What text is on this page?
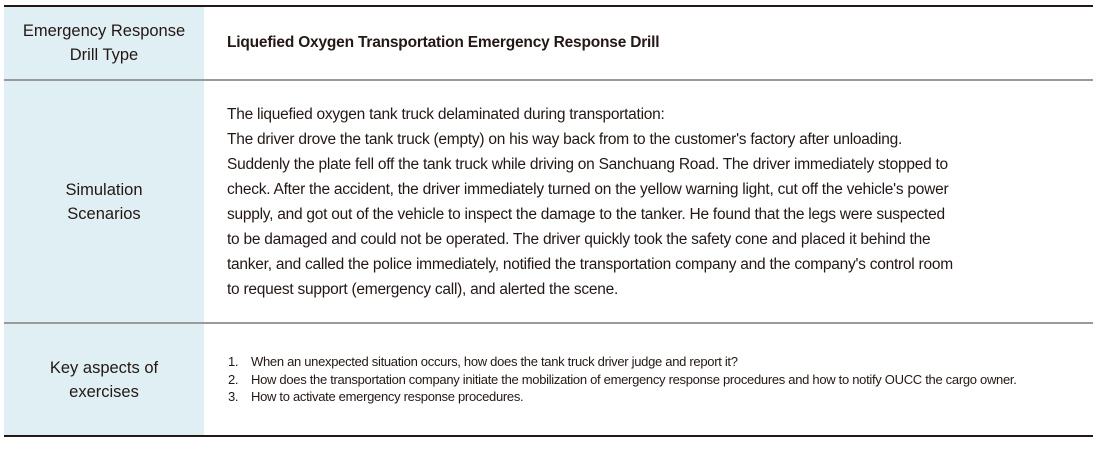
Emergency Response
Drill Type
Liquefied Oxygen Transportation Emergency Response Drill
Simulation
Scenarios

The liquefied oxygen tank truck delaminated during transportation:

The driver drove the tank truck (empty) on his way back from to the customer's factory after unloading.

Suddenly the plate fell off the tank truck while driving on Sanchuang Road. The driver immediately stopped to

check. After the accident, the driver immediately turned on the yellow warning light, cut off the vehicle's power

supply, and got out of the vehicle to inspect the damage to the tanker. He found that the legs were suspected

to be damaged and could not be operated. The driver quickly took the safety cone and placed it behind the

tanker, and called the police immediately, notified the transportation company and the company's control room

to request support (emergency call), and alerted the scene.

Key aspects of
exercises
1. When an unexpected situation occurs, how does the tank truck driver judge and report it?
2. How does the transportation company initiate the mobilization of emergency response procedures and how to notify OUCC the cargo owner.
3. How to activate emergency response procedures.
